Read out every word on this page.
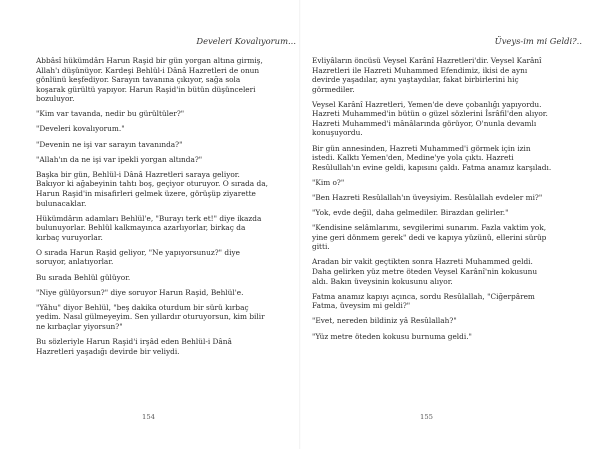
Develeri Kovalıyorum...

Abbâsî hükümdârı Harun Raşid bir gün yorgan altına girmiş, Allah'ı düşünüyor. Kardeşi Behlül-i Dânâ Hazretleri de onun gönlünü keşfediyor. Sarayın tavanına çıkıyor, sağa sola koşarak gürültü yapıyor. Harun Raşid'in bütün düşünceleri bozuluyor.

"Kim var tavanda, nedir bu gürültüler?"

"Develeri kovalıyorum."

"Devenin ne işi var sarayın tavanında?"

"Allah'ın da ne işi var ipekli yorgan altında?"

Başka bir gün, Behlül-i Dânâ Hazretleri saraya geliyor. Bakıyor ki ağabeyinin tahtı boş, geçiyor oturuyor. O sırada da, Harun Raşid'in misafirleri gelmek üzere, görüşüp ziyarette bulunacaklar.

Hükümdârın adamları Behlül'e, "Burayı terk et!" diye ikazda bulunuyorlar. Behlül kalkmayınca azarlıyorlar, birkaç da kırbaç vuruyorlar.

O sırada Harun Raşid geliyor, "Ne yapıyorsunuz?" diye soruyor, anlatıyorlar.

Bu sırada Behlül gülüyor.

"Niye gülüyorsun?" diye soruyor Harun Raşid, Behlül'e.

"Yâhu" diyor Behlül, "beş dakika oturdum bir sürü kırbaç yedim. Nasıl gülmeyeyim. Sen yıllardır oturuyorsun, kim bilir ne kırbaçlar yiyorsun?"

Bu sözleriyle Harun Raşid'i irşâd eden Behlül-i Dânâ Hazretleri yaşadığı devirde bir veliydi.

154
Üveys-im mi Geldi?..

Evliyâların öncüsü Veysel Karânî Hazretleri'dir. Veysel Karânî Hazretleri ile Hazreti Muhammed Efendimiz, ikisi de aynı devirde yaşadılar, aynı yaştaydılar, fakat birbirlerini hiç görmediler.

Veysel Karânî Hazretleri, Yemen'de deve çobanlığı yapıyordu. Hazreti Muhammed'in bütün o güzel sözlerini İsrâfil'den alıyor. Hazreti Muhammed'i mânâlarında görüyor, O'nunla devamlı konuşuyordu.

Bir gün annesinden, Hazreti Muhammed'i görmek için izin istedi. Kalktı Yemen'den, Medine'ye yola çıktı. Hazreti Resûlullah'ın evine geldi, kapısını çaldı. Fatma anamız karşıladı.

"Kim o?"

"Ben Hazreti Resûlallah'ın üveysiyim. Resûlallah evdeler mi?"

"Yok, evde değil, daha gelmediler. Birazdan gelirler."

"Kendisine selâmlarımı, sevgilerimi sunarım. Fazla vaktim yok, yine geri dönmem gerek" dedi ve kapıya yüzünü, ellerini sürüp gitti.

Aradan bir vakit geçtikten sonra Hazreti Muhammed geldi. Daha gelirken yüz metre öteden Veysel Karânî'nin kokusunu aldı. Bakın üveysinin kokusunu alıyor.

Fatma anamız kapıyı açınca, sordu Resûlallah, "Ciğerpârem Fatma, üveysim mi geldi?"

"Evet, nereden bildiniz yâ Resûlallah?"

"Yüz metre öteden kokusu burnuma geldi."

155
